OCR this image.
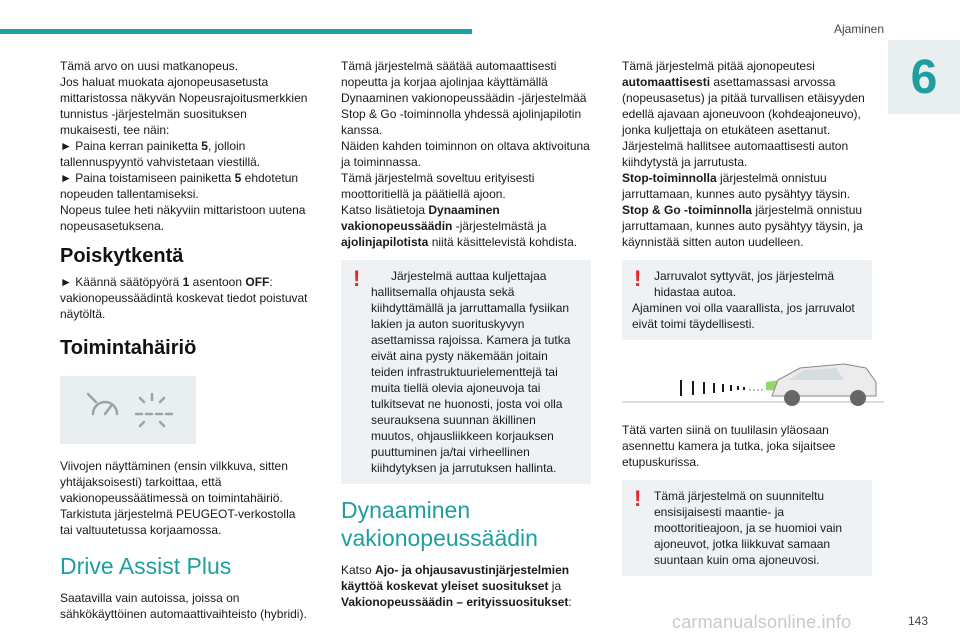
Ajaminen
6

Tämä arvo on uusi matkanopeus.

Jos haluat muokata ajonopeusasetusta mittaristossa näkyvän Nopeusrajoitusmerkkien tunnistus -järjestelmän suosituksen mukaisesti, tee näin:

► Paina kerran painiketta 5, jolloin tallennuspyyntö vahvistetaan viestillä.

► Paina toistamiseen painiketta 5 ehdotetun nopeuden tallentamiseksi.

Nopeus tulee heti näkyviin mittaristoon uutena nopeusasetuksena.

Poiskytkentä

► Käännä säätöpyörä 1 asentoon OFF: vakionopeussäädintä koskevat tiedot poistuvat näytöltä.

Toimintahäiriö

Viivojen näyttäminen (ensin vilkkuva, sitten yhtäjaksoisesti) tarkoittaa, että vakionopeussäätimessä on toimintahäiriö. Tarkistuta järjestelmä PEUGEOT-verkostolla tai valtuutetussa korjaamossa.

Drive Assist Plus

Saatavilla vain autoissa, joissa on sähkökäyttöinen automaattivaihteisto (hybridi).

Tämä järjestelmä säätää automaattisesti nopeutta ja korjaa ajolinjaa käyttämällä Dynaaminen vakionopeussäädin -järjestelmää Stop & Go -toiminnolla yhdessä ajolinjapilotin kanssa.

Näiden kahden toiminnon on oltava aktivoituna ja toiminnassa.

Tämä järjestelmä soveltuu erityisesti moottoritiellä ja päätiellä ajoon.

Katso lisätietoja Dynaaminen vakionopeussäädin -järjestelmästä ja ajolinjapilotista niitä käsittelevistä kohdista.

!	Järjestelmä auttaa kuljettajaa hallitsemalla ohjausta sekä kiihdyttämällä ja jarruttamalla fysiikan lakien ja auton suorituskyvyn asettamissa rajoissa. Kamera ja tutka eivät aina pysty näkemään joitain teiden infrastruktuurielementtejä tai muita tiellä olevia ajoneuvoja tai tulkitsevat ne huonosti, josta voi olla seurauksena suunnan äkillinen muutos, ohjausliikkeen korjauksen puuttuminen ja/tai virheellinen kiihdytyksen ja jarrutuksen hallinta.

Dynaaminen vakionopeussäädin

Katso Ajo- ja ohjausavustinjärjestelmien käyttöä koskevat yleiset suositukset ja Vakionopeussäädin – erityissuositukset:

Tämä järjestelmä pitää ajonopeutesi automaattisesti asettamassasi arvossa (nopeusasetus) ja pitää turvallisen etäisyyden edellä ajavaan ajoneuvoon (kohdeajoneuvo), jonka kuljettaja on etukäteen asettanut.

Järjestelmä hallitsee automaattisesti auton kiihdytystä ja jarrutusta.

Stop-toiminnolla järjestelmä onnistuu jarruttamaan, kunnes auto pysähtyy täysin.

Stop & Go -toiminnolla järjestelmä onnistuu jarruttamaan, kunnes auto pysähtyy täysin, ja käynnistää sitten auton uudelleen.

!	Jarruvalot syttyvät, jos järjestelmä hidastaa autoa.

Ajaminen voi olla vaarallista, jos jarruvalot eivät toimi täydellisesti.

Tätä varten siinä on tuulilasin yläosaan asennettu kamera ja tutka, joka sijaitsee etupuskurissa.

!	Tämä järjestelmä on suunniteltu ensisijaisesti maantie- ja moottoritieajoon, ja se huomioi vain ajoneuvot, jotka liikkuvat samaan suuntaan kuin oma ajoneuvosi.

carmanualsonline.info	143
